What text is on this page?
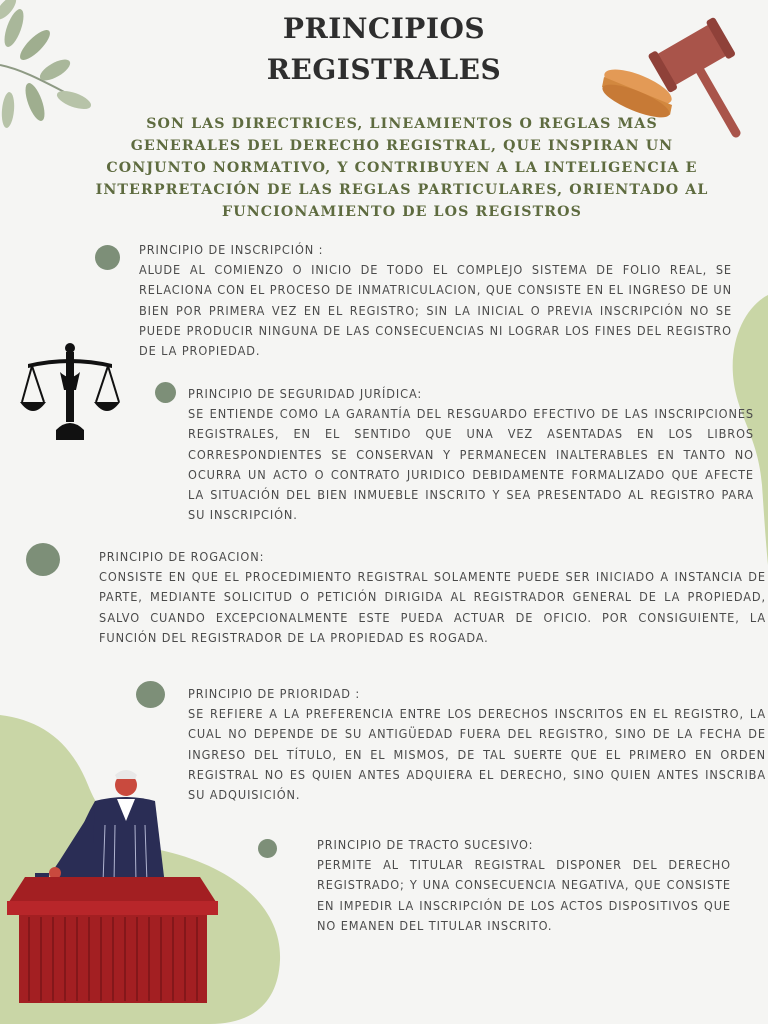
PRINCIPIOS
REGISTRALES
SON LAS DIRECTRICES, LINEAMIENTOS O REGLAS MAS GENERALES DEL DERECHO REGISTRAL, QUE INSPIRAN UN CONJUNTO NORMATIVO, Y CONTRIBUYEN A LA INTELIGENCIA E INTERPRETACIÓN DE LAS REGLAS PARTICULARES, ORIENTADO AL FUNCIONAMIENTO DE LOS REGISTROS
PRINCIPIO DE INSCRIPCIÓN :
ALUDE AL COMIENZO O INICIO DE TODO EL COMPLEJO SISTEMA DE FOLIO REAL, SE RELACIONA CON EL PROCESO DE INMATRICULACION, QUE CONSISTE EN EL INGRESO DE UN BIEN POR PRIMERA VEZ EN EL REGISTRO; SIN LA INICIAL O PREVIA INSCRIPCIÓN NO SE PUEDE PRODUCIR NINGUNA DE LAS CONSECUENCIAS NI LOGRAR LOS FINES DEL REGISTRO DE LA PROPIEDAD.
PRINCIPIO DE SEGURIDAD JURÍDICA:
SE ENTIENDE COMO LA GARANTÍA DEL RESGUARDO EFECTIVO DE LAS INSCRIPCIONES REGISTRALES, EN EL SENTIDO QUE UNA VEZ ASENTADAS EN LOS LIBROS CORRESPONDIENTES SE CONSERVAN Y PERMANECEN INALTERABLES EN TANTO NO OCURRA UN ACTO O CONTRATO JURIDICO DEBIDAMENTE FORMALIZADO QUE AFECTE LA SITUACIÓN DEL BIEN INMUEBLE INSCRITO Y SEA PRESENTADO AL REGISTRO PARA SU INSCRIPCIÓN.
PRINCIPIO DE ROGACION:
CONSISTE EN QUE EL PROCEDIMIENTO REGISTRAL SOLAMENTE PUEDE SER INICIADO A INSTANCIA DE PARTE, MEDIANTE SOLICITUD O PETICIÓN DIRIGIDA AL REGISTRADOR GENERAL DE LA PROPIEDAD, SALVO CUANDO EXCEPCIONALMENTE ESTE PUEDA ACTUAR DE OFICIO. POR CONSIGUIENTE, LA FUNCIÓN DEL REGISTRADOR DE LA PROPIEDAD ES ROGADA.
PRINCIPIO DE PRIORIDAD :
SE REFIERE A LA PREFERENCIA ENTRE LOS DERECHOS INSCRITOS EN EL REGISTRO, LA CUAL NO DEPENDE DE SU ANTIGÜEDAD FUERA DEL REGISTRO, SINO DE LA FECHA DE INGRESO DEL TÍTULO, EN EL MISMOS, DE TAL SUERTE QUE EL PRIMERO EN ORDEN REGISTRAL NO ES QUIEN ANTES ADQUIERA EL DERECHO, SINO QUIEN ANTES INSCRIBA SU ADQUISICIÓN.
PRINCIPIO DE TRACTO SUCESIVO:
PERMITE AL TITULAR REGISTRAL DISPONER DEL DERECHO REGISTRADO; Y UNA CONSECUENCIA NEGATIVA, QUE CONSISTE EN IMPEDIR LA INSCRIPCIÓN DE LOS ACTOS DISPOSITIVOS QUE NO EMANEN DEL TITULAR INSCRITO.
